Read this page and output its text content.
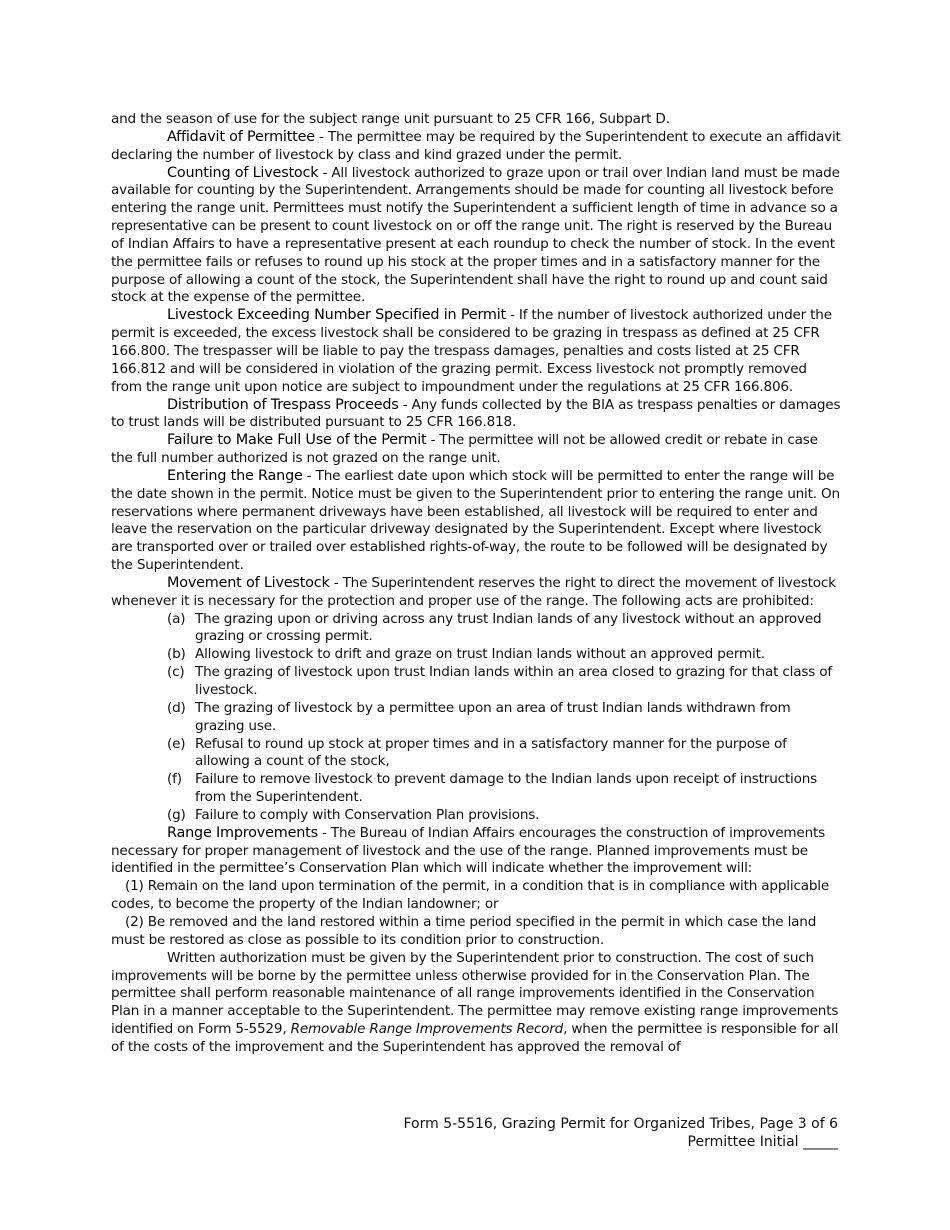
and the season of use for the subject range unit pursuant to 25 CFR 166, Subpart D.

Affidavit of Permittee - The permittee may be required by the Superintendent to execute an affidavit declaring the number of livestock by class and kind grazed under the permit.

Counting of Livestock - All livestock authorized to graze upon or trail over Indian land must be made available for counting by the Superintendent. Arrangements should be made for counting all livestock before entering the range unit. Permittees must notify the Superintendent a sufficient length of time in advance so a representative can be present to count livestock on or off the range unit. The right is reserved by the Bureau of Indian Affairs to have a representative present at each roundup to check the number of stock. In the event the permittee fails or refuses to round up his stock at the proper times and in a satisfactory manner for the purpose of allowing a count of the stock, the Superintendent shall have the right to round up and count said stock at the expense of the permittee.

Livestock Exceeding Number Specified in Permit - If the number of livestock authorized under the permit is exceeded, the excess livestock shall be considered to be grazing in trespass as defined at 25 CFR 166.800. The trespasser will be liable to pay the trespass damages, penalties and costs listed at 25 CFR 166.812 and will be considered in violation of the grazing permit. Excess livestock not promptly removed from the range unit upon notice are subject to impoundment under the regulations at 25 CFR 166.806.

Distribution of Trespass Proceeds - Any funds collected by the BIA as trespass penalties or damages to trust lands will be distributed pursuant to 25 CFR 166.818.

Failure to Make Full Use of the Permit - The permittee will not be allowed credit or rebate in case the full number authorized is not grazed on the range unit.

Entering the Range - The earliest date upon which stock will be permitted to enter the range will be the date shown in the permit. Notice must be given to the Superintendent prior to entering the range unit. On reservations where permanent driveways have been established, all livestock will be required to enter and leave the reservation on the particular driveway designated by the Superintendent. Except where livestock are transported over or trailed over established rights-of-way, the route to be followed will be designated by the Superintendent.

Movement of Livestock - The Superintendent reserves the right to direct the movement of livestock whenever it is necessary for the protection and proper use of the range. The following acts are prohibited:

(a) The grazing upon or driving across any trust Indian lands of any livestock without an approved grazing or crossing permit.
(b) Allowing livestock to drift and graze on trust Indian lands without an approved permit.
(c) The grazing of livestock upon trust Indian lands within an area closed to grazing for that class of livestock.
(d) The grazing of livestock by a permittee upon an area of trust Indian lands withdrawn from grazing use.
(e) Refusal to round up stock at proper times and in a satisfactory manner for the purpose of allowing a count of the stock,
(f) Failure to remove livestock to prevent damage to the Indian lands upon receipt of instructions from the Superintendent.
(g) Failure to comply with Conservation Plan provisions.

Range Improvements - The Bureau of Indian Affairs encourages the construction of improvements necessary for proper management of livestock and the use of the range. Planned improvements must be identified in the permittee’s Conservation Plan which will indicate whether the improvement will:

(1) Remain on the land upon termination of the permit, in a condition that is in compliance with applicable codes, to become the property of the Indian landowner; or

(2) Be removed and the land restored within a time period specified in the permit in which case the land must be restored as close as possible to its condition prior to construction.

Written authorization must be given by the Superintendent prior to construction. The cost of such improvements will be borne by the permittee unless otherwise provided for in the Conservation Plan. The permittee shall perform reasonable maintenance of all range improvements identified in the Conservation Plan in a manner acceptable to the Superintendent. The permittee may remove existing range improvements identified on Form 5-5529, Removable Range Improvements Record, when the permittee is responsible for all of the costs of the improvement and the Superintendent has approved the removal of

Form 5-5516, Grazing Permit for Organized Tribes, Page 3 of 6
Permittee Initial _____
